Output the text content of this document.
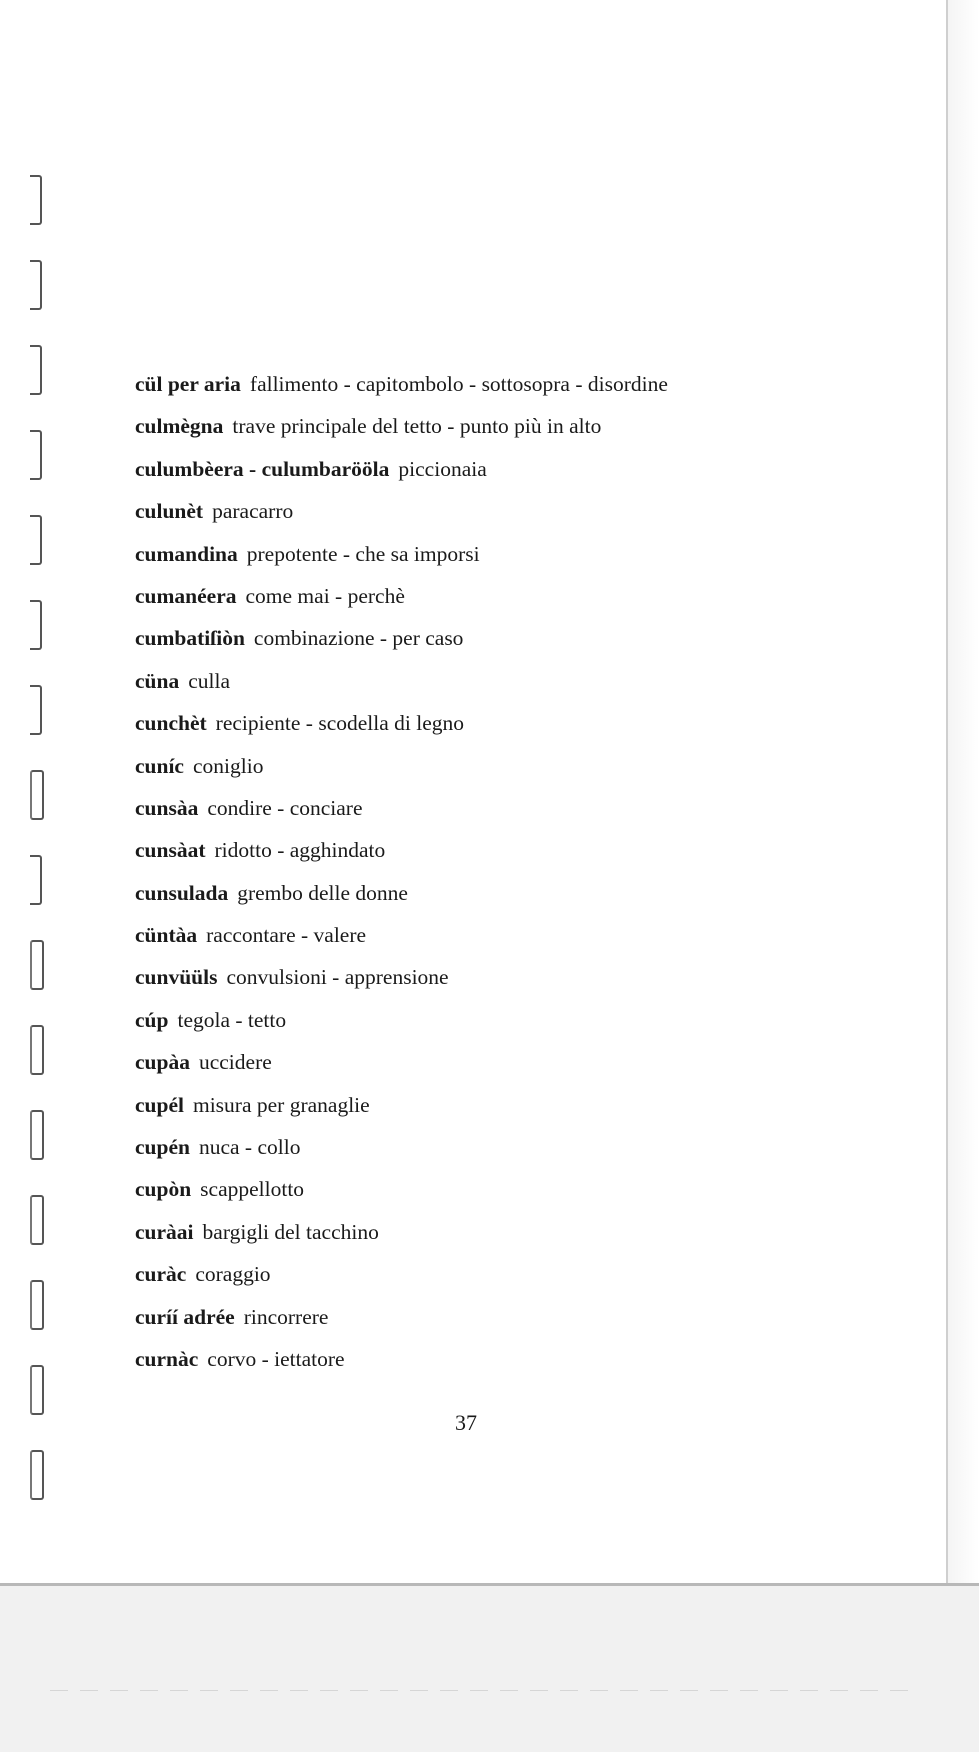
cül per aria fallimento - capitombolo - sottosopra - disordine
culmègna trave principale del tetto - punto più in alto
culumbèera - culumbarööla piccionaia
culunèt paracarro
cumandina prepotente - che sa imporsi
cumanéera come mai - perchè
cumbatiſiòn combinazione - per caso
cüna culla
cunchèt recipiente - scodella di legno
cuníc coniglio
cunsàa condire - conciare
cunsàat ridotto - agghindato
cunsulada grembo delle donne
cüntàa raccontare - valere
cunvüüls convulsioni - apprensione
cúp tegola - tetto
cupàa uccidere
cupél misura per granaglie
cupén nuca - collo
cupòn scappellotto
curàai bargigli del tacchino
curàc coraggio
curíí adrée rincorrere
curnàc corvo - iettatore
37
